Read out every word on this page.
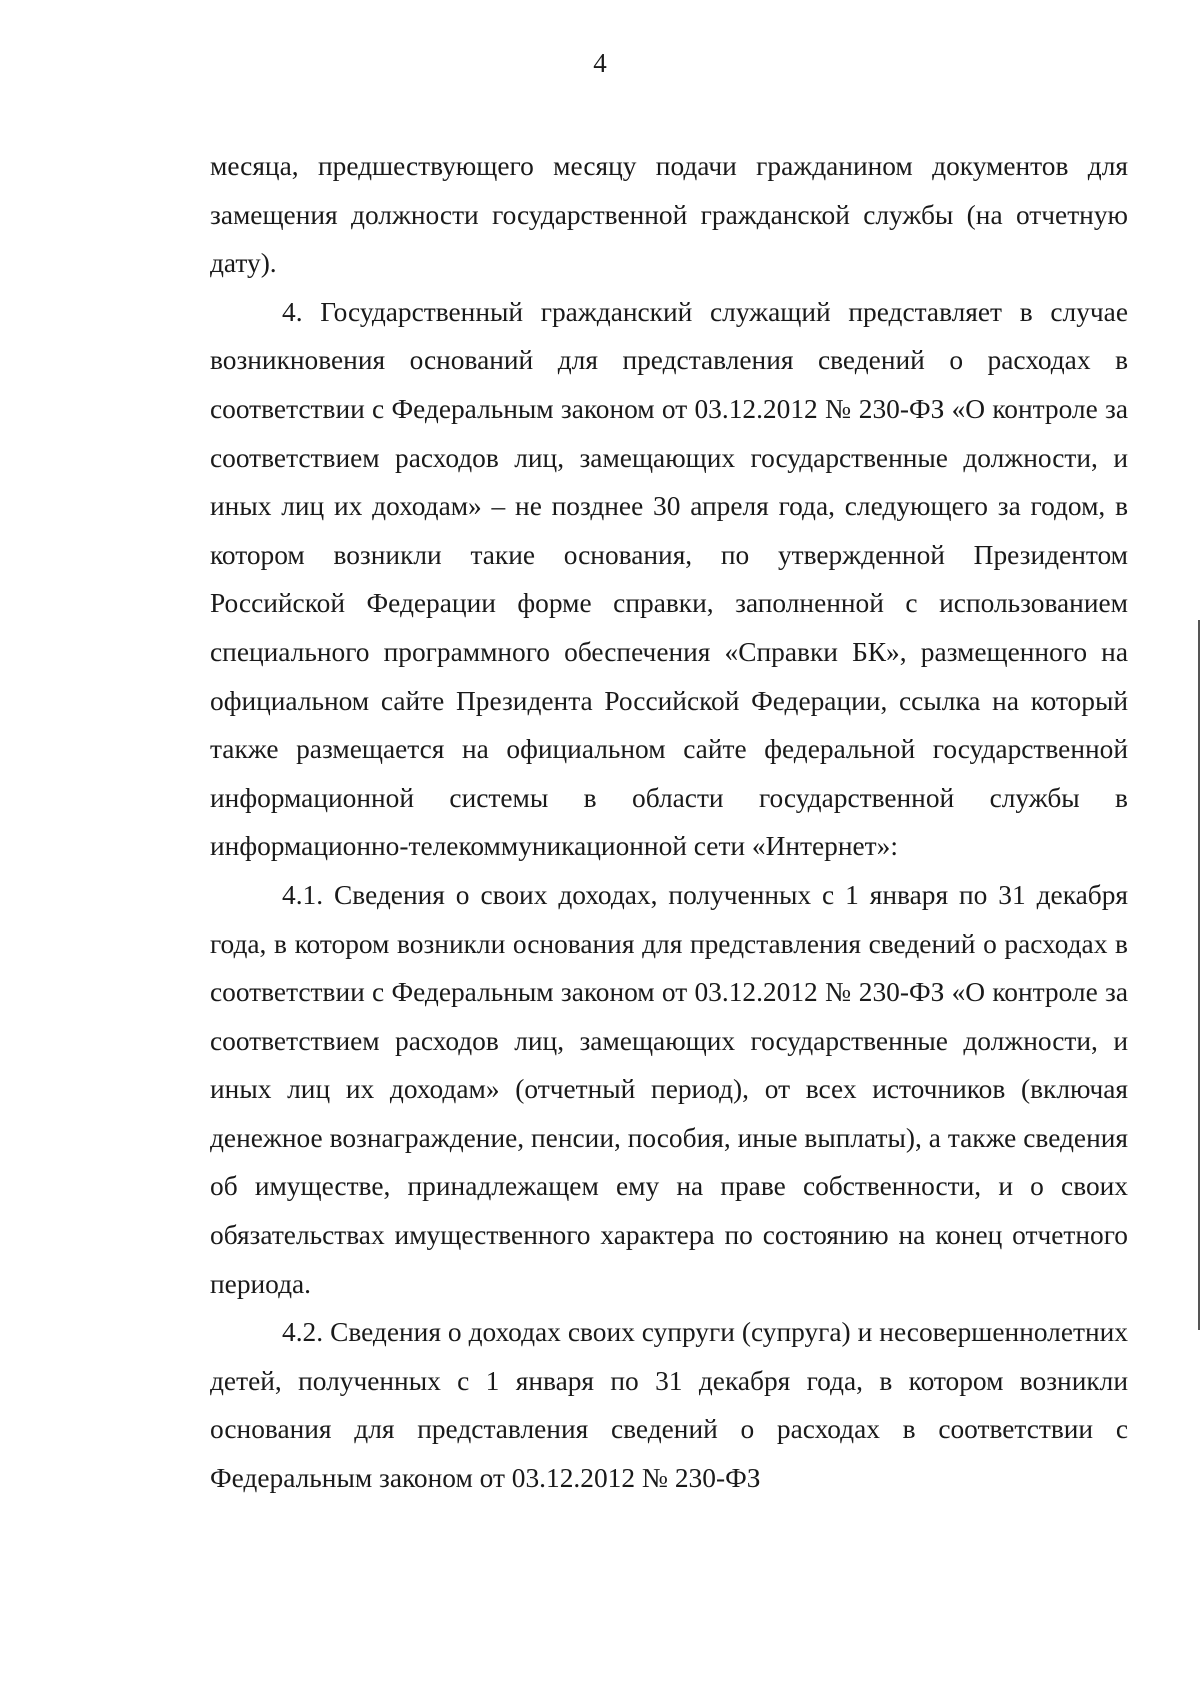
4

месяца, предшествующего месяцу подачи гражданином документов для замещения должности государственной гражданской службы (на отчетную дату).

4. Государственный гражданский служащий представляет в случае возникновения оснований для представления сведений о расходах в соответствии с Федеральным законом от 03.12.2012 № 230-ФЗ «О контроле за соответствием расходов лиц, замещающих государственные должности, и иных лиц их доходам» – не позднее 30 апреля года, следующего за годом, в котором возникли такие основания, по утвержденной Президентом Российской Федерации форме справки, заполненной с использованием специального программного обеспечения «Справки БК», размещенного на официальном сайте Президента Российской Федерации, ссылка на который также размещается на официальном сайте федеральной государственной информационной системы в области государственной службы в информационно-телекоммуникационной сети «Интернет»:

4.1. Сведения о своих доходах, полученных с 1 января по 31 декабря года, в котором возникли основания для представления сведений о расходах в соответствии с Федеральным законом от 03.12.2012 № 230-ФЗ «О контроле за соответствием расходов лиц, замещающих государственные должности, и иных лиц их доходам» (отчетный период), от всех источников (включая денежное вознаграждение, пенсии, пособия, иные выплаты), а также сведения об имуществе, принадлежащем ему на праве собственности, и о своих обязательствах имущественного характера по состоянию на конец отчетного периода.

4.2. Сведения о доходах своих супруги (супруга) и несовершеннолетних детей, полученных с 1 января по 31 декабря года, в котором возникли основания для представления сведений о расходах в соответствии с Федеральным законом от 03.12.2012 № 230-ФЗ
